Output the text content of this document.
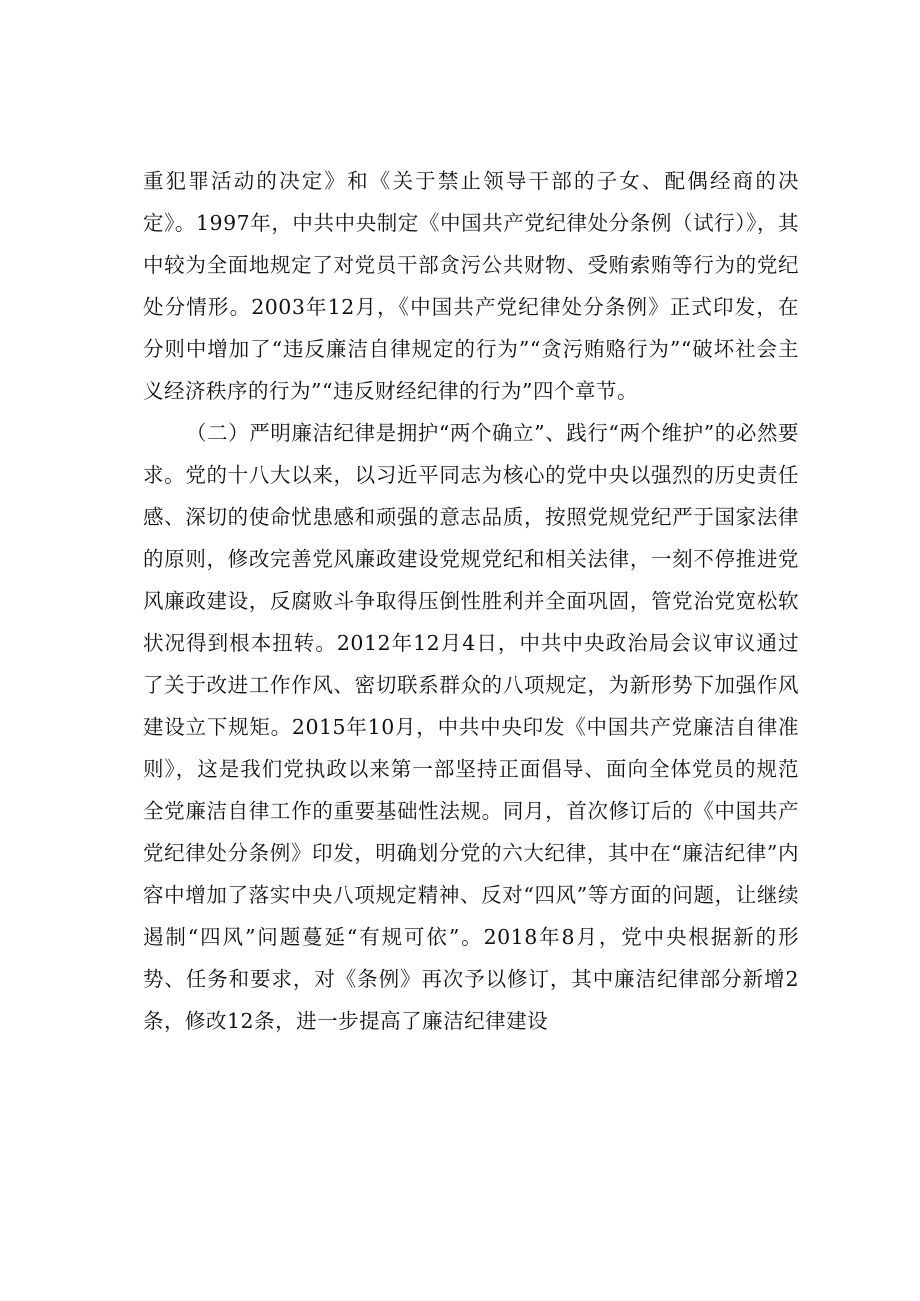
重犯罪活动的决定》和《关于禁止领导干部的子女、配偶经商的决定》。1997年，中共中央制定《中国共产党纪律处分条例（试行）》，其中较为全面地规定了对党员干部贪污公共财物、受贿索贿等行为的党纪处分情形。2003年12月，《中国共产党纪律处分条例》正式印发，在分则中增加了“违反廉洁自律规定的行为”“贪污贿赂行为”“破坏社会主义经济秩序的行为”“违反财经纪律的行为”四个章节。

（二）严明廉洁纪律是拥护“两个确立”、践行“两个维护”的必然要求。党的十八大以来，以习近平同志为核心的党中央以强烈的历史责任感、深切的使命忧患感和顽强的意志品质，按照党规党纪严于国家法律的原则，修改完善党风廉政建设党规党纪和相关法律，一刻不停推进党风廉政建设，反腐败斗争取得压倒性胜利并全面巩固，管党治党宽松软状况得到根本扭转。2012年12月4日，中共中央政治局会议审议通过了关于改进工作作风、密切联系群众的八项规定，为新形势下加强作风建设立下规矩。2015年10月，中共中央印发《中国共产党廉洁自律准则》，这是我们党执政以来第一部坚持正面倡导、面向全体党员的规范全党廉洁自律工作的重要基础性法规。同月，首次修订后的《中国共产党纪律处分条例》印发，明确划分党的六大纪律，其中在“廉洁纪律”内容中增加了落实中央八项规定精神、反对“四风”等方面的问题，让继续遏制“四风”问题蔓延“有规可依”。2018年8月，党中央根据新的形势、任务和要求，对《条例》再次予以修订，其中廉洁纪律部分新增2条，修改12条，进一步提高了廉洁纪律建设
